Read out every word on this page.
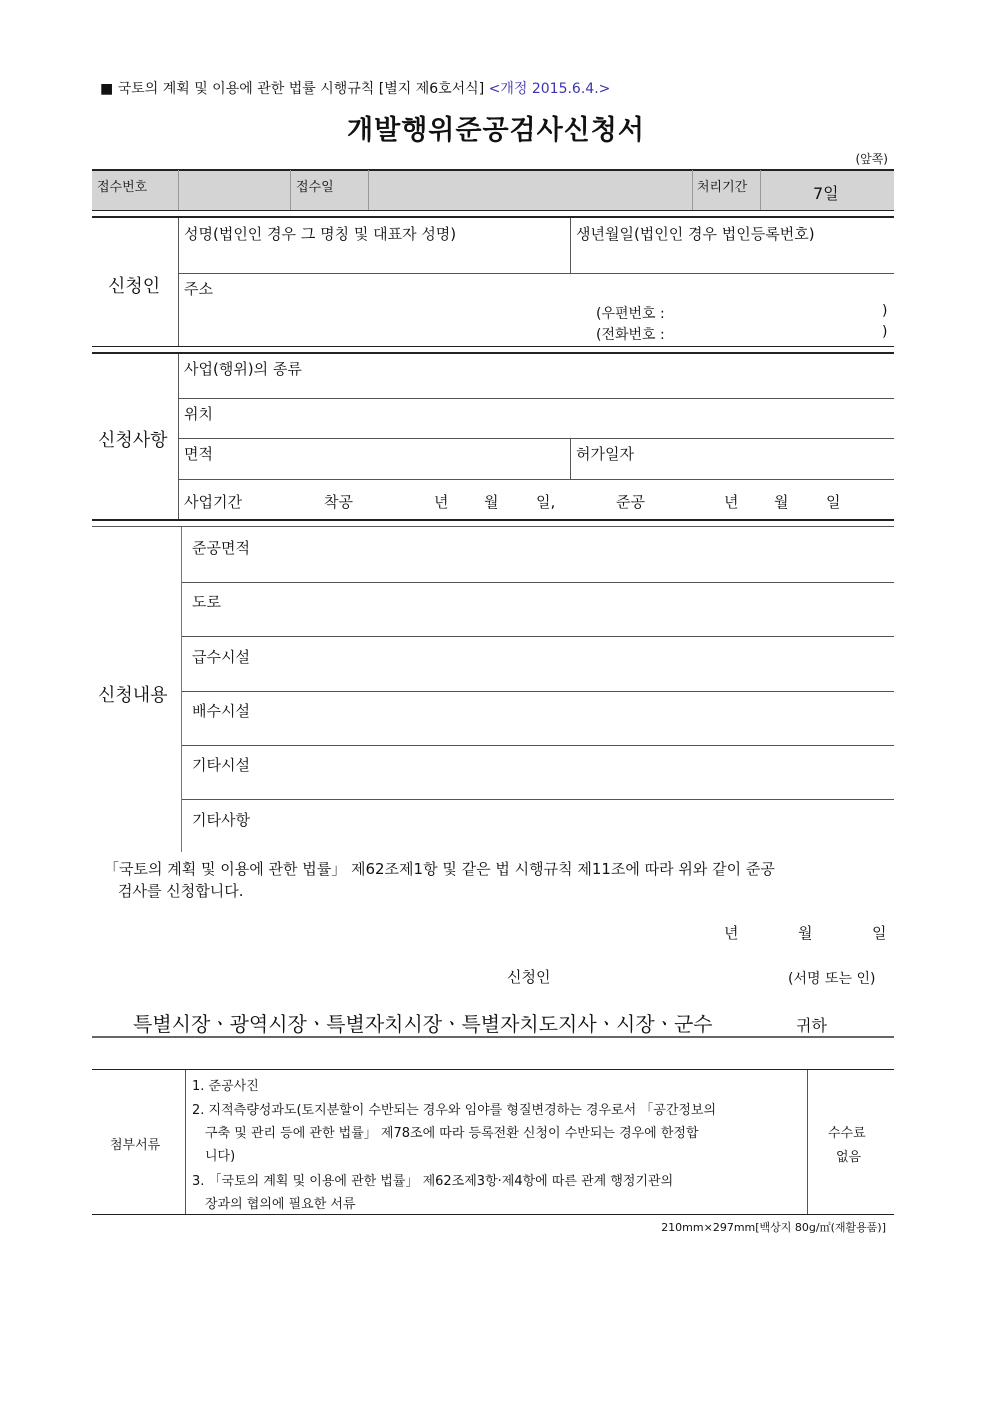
■ 국토의 계획 및 이용에 관한 법률 시행규칙 [별지 제6호서식] <개정 2015.6.4.>
개발행위준공검사신청서
(앞쪽)
접수번호	접수일	처리기간	7일
신청인
성명(법인인 경우 그 명칭 및 대표자 성명)	생년월일(법인인 경우 법인등록번호)
주소
(우편번호 :	)
(전화번호 :	)
신청사항
사업(행위)의 종류
위치
면적	허가일자
사업기간	착공	년 월	일,	준공	년 월	일
신청내용
준공면적
도로
급수시설
배수시설
기타시설
기타사항
「국토의 계획 및 이용에 관한 법률」 제62조제1항 및 같은 법 시행규칙 제11조에 따라 위와 같이 준공
검사를 신청합니다.
년	월	일
신청인	(서명 또는 인)
특별시장ㆍ광역시장ㆍ특별자치시장ㆍ특별자치도지사ㆍ시장ㆍ군수	귀하
첨부서류
1. 준공사진
2. 지적측량성과도(토지분할이 수반되는 경우와 임야를 형질변경하는 경우로서 「공간정보의
구축 및 관리 등에 관한 법률」 제78조에 따라 등록전환 신청이 수반되는 경우에 한정합
니다)
3. 「국토의 계획 및 이용에 관한 법률」 제62조제3항·제4항에 따른 관계 행정기관의
장과의 협의에 필요한 서류
수수료
없음
210mm×297mm[백상지 80g/㎡(재활용품)]
